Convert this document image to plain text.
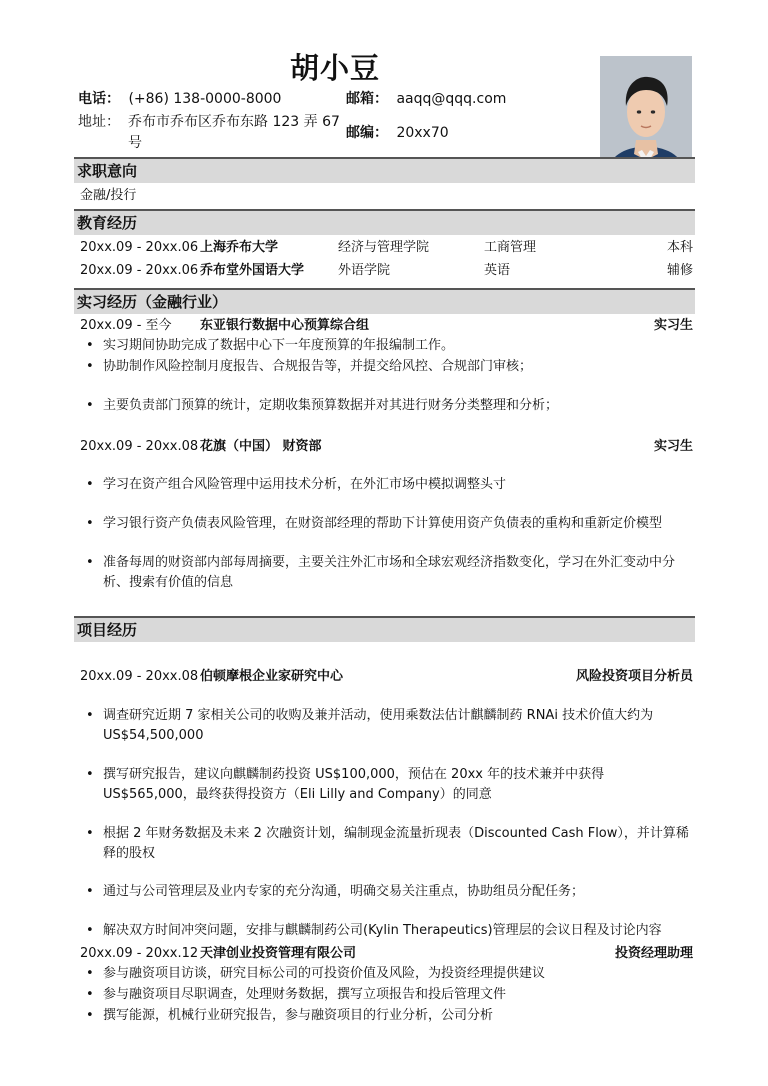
胡小豆
电话： (+86) 138-0000-8000	邮箱： aaqq@qqq.com
地址： 乔布市乔布区乔布东路 123 弄 67 号
邮编： 20xx70
求职意向
金融/投行
教育经历
20xx.09 - 20xx.06 上海乔布大学	经济与管理学院	工商管理	本科
20xx.09 - 20xx.06 乔布堂外国语大学	外语学院	英语	辅修
实习经历（金融行业）
20xx.09 - 至今 东亚银行数据中心预算综合组	实习生
• 实习期间协助完成了数据中心下一年度预算的年报编制工作。
• 协助制作风险控制月度报告、合规报告等，并提交给风控、合规部门审核；
• 主要负责部门预算的统计，定期收集预算数据并对其进行财务分类整理和分析；
20xx.09 - 20xx.08 花旗（中国） 财资部	实习生
• 学习在资产组合风险管理中运用技术分析，在外汇市场中模拟调整头寸
• 学习银行资产负债表风险管理，在财资部经理的帮助下计算使用资产负债表的重构和重新定价模型
• 准备每周的财资部内部每周摘要，主要关注外汇市场和全球宏观经济指数变化，学习在外汇变动中分析、搜索有价值的信息
项目经历
20xx.09 - 20xx.08 伯顿摩根企业家研究中心	风险投资项目分析员
• 调查研究近期 7 家相关公司的收购及兼并活动，使用乘数法估计麒麟制药 RNAi 技术价值大约为 US$54,500,000
• 撰写研究报告，建议向麒麟制药投资 US$100,000，预估在 20xx 年的技术兼并中获得 US$565,000，最终获得投资方（Eli Lilly and Company）的同意
• 根据 2 年财务数据及未来 2 次融资计划，编制现金流量折现表（Discounted Cash Flow），并计算稀释的股权
• 通过与公司管理层及业内专家的充分沟通，明确交易关注重点，协助组员分配任务；
• 解决双方时间冲突问题，安排与麒麟制药公司(Kylin Therapeutics)管理层的会议日程及讨论内容
20xx.09 - 20xx.12 天津创业投资管理有限公司	投资经理助理
• 参与融资项目访谈，研究目标公司的可投资价值及风险，为投资经理提供建议
• 参与融资项目尽职调查，处理财务数据，撰写立项报告和投后管理文件
• 撰写能源，机械行业研究报告，参与融资项目的行业分析，公司分析
